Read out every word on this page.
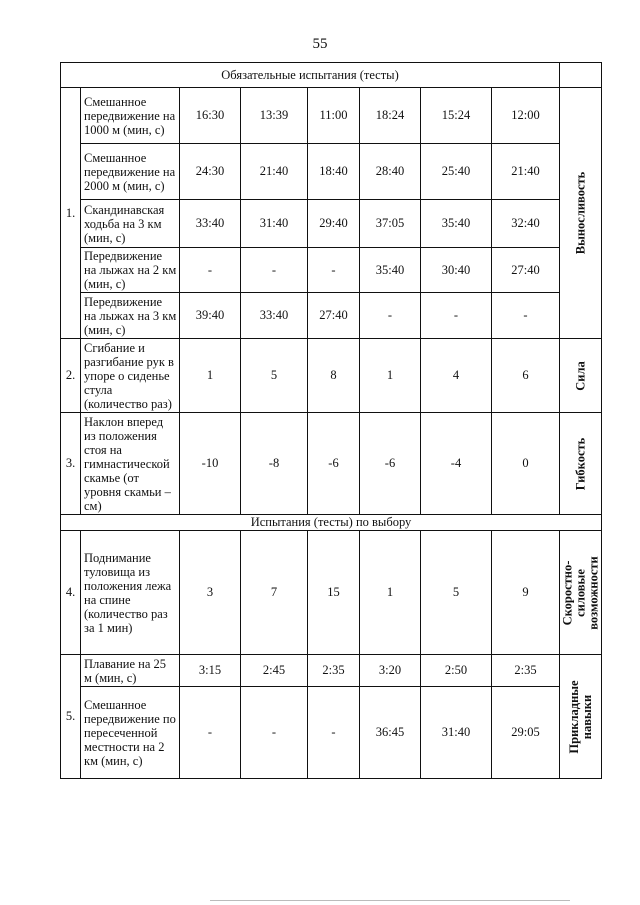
55
Обязательные испытания (тесты)								
1.	Смешанное передвижение на 1000 м (мин, с)	16:30	13:39	11:00	18:24	15:24	12:00	Выносливость

	Смешанное передвижение на 2000 м (мин, с)	24:30	21:40	18:40	28:40	25:40	21:40	
	Скандинавская ходьба на 3 км (мин, с)	33:40	31:40	29:40	37:05	35:40	32:40	
	Передвижение на лыжах на 2 км (мин, с)	-	-	-	35:40	30:40	27:40	
	Передвижение на лыжах на 3 км (мин, с)	39:40	33:40	27:40	-	-	-	
2.	Сгибание и разгибание рук в упоре о сиденье стула (количество раз)	1	5	8	1	4	6	Сила

3.	Наклон вперед из положения стоя на гимнастической скамье (от уровня скамьи – см)	-10	-8	-6	-6	-4	0	Гибкость

Испытания (тесты) по выбору								
4.	Поднимание туловища из положения лежа на спине (количество раз за 1 мин)	3	7	15	1	5	9	Скоростно-
силовые
возможности

5.	Плавание на 25 м (мин, с)	3:15	2:45	2:35	3:20	2:50	2:35	Прикладные
навыки

	Смешанное передвижение по пересеченной местности на 2 км (мин, с)	-	-	-	36:45	31:40	29:05	
